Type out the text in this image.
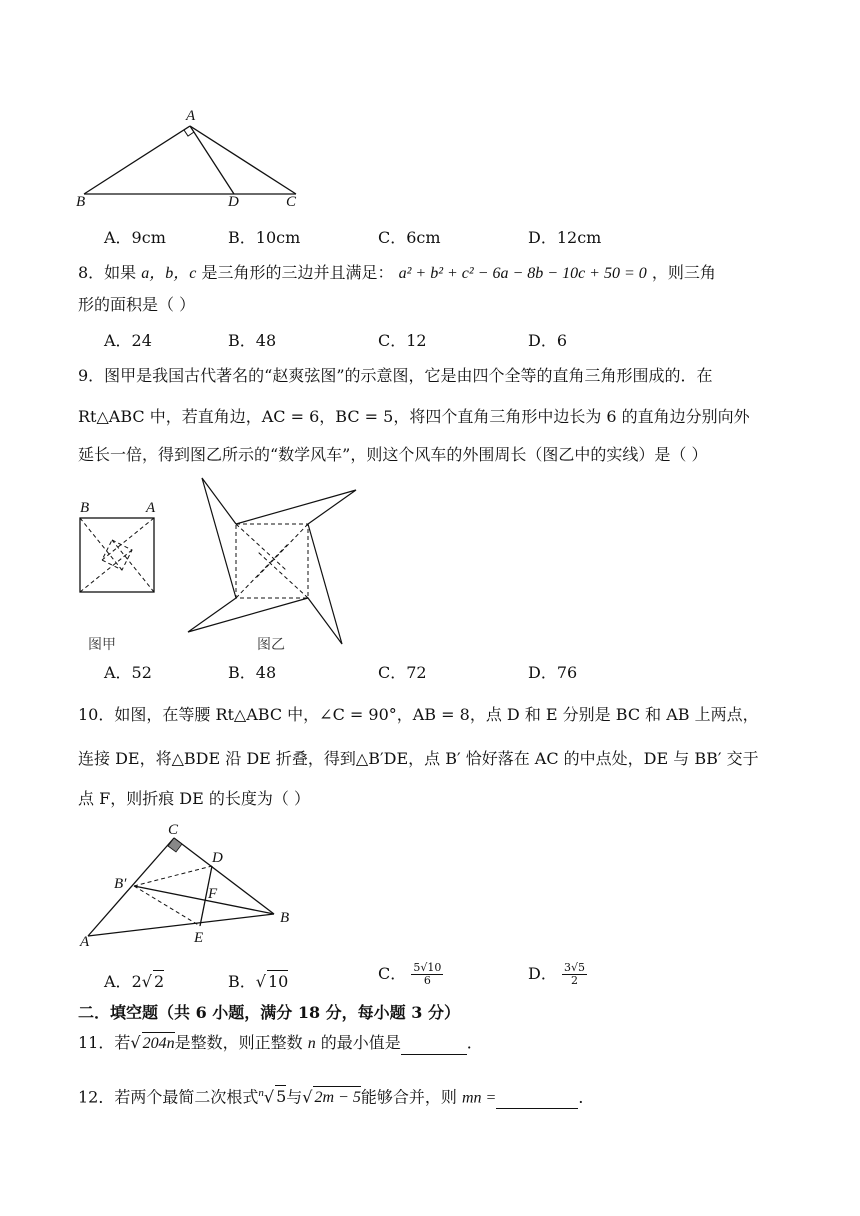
A
B	D	C
A．9cm	B．10cm	C．6cm	D．12cm
8．如果 a，b，c 是三角形的三边并且满足： a² + b² + c² − 6a − 8b − 10c + 50 = 0 ，则三角
形的面积是（ ）
A．24	B．48	C．12	D．6
9．图甲是我国古代著名的“赵爽弦图”的示意图，它是由四个全等的直角三角形围成的．在
Rt△ABC 中，若直角边，AC = 6，BC = 5，将四个直角三角形中边长为 6 的直角边分别向外
延长一倍，得到图乙所示的“数学风车”，则这个风车的外围周长（图乙中的实线）是（ ）
B	A
图甲	图乙
A．52	B．48	C．72	D．76
10．如图，在等腰 Rt△ABC 中，∠C = 90°，AB = 8，点 D 和 E 分别是 BC 和 AB 上两点，
连接 DE，将△BDE 沿 DE 折叠，得到△B′DE，点 B′ 恰好落在 AC 的中点处，DE 与 BB′ 交于
点 F，则折痕 DE 的长度为（ ）
C
D
B′
F
B
A	E
A．2√ 2	B．√ 10	C． $\frac{5√10}{6}$	D． $\frac{3√5}{2}$
二．填空题（共 6 小题，满分 18 分，每小题 3 分）
11．若√ 204n是整数，则正整数 n 的最小值是	．
12．若两个最简二次根式$^n$√ 5与√ 2m − 5能够合并，则 mn =	．
